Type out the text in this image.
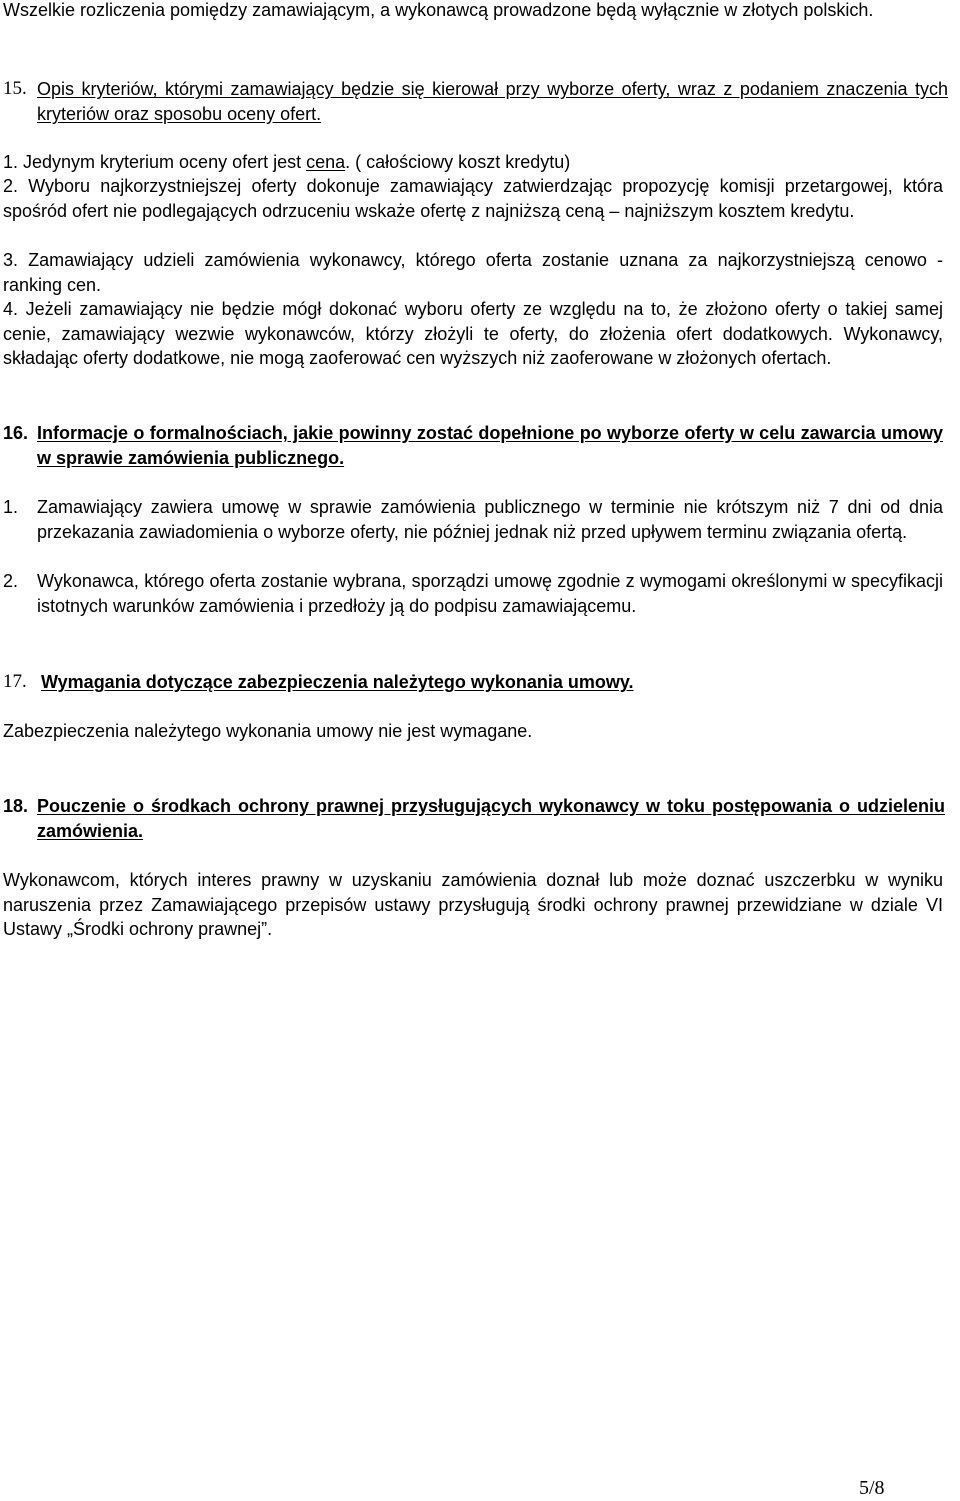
Wszelkie rozliczenia pomiędzy zamawiającym, a wykonawcą prowadzone będą wyłącznie w złotych polskich.
15. Opis kryteriów, którymi zamawiający będzie się kierował przy wyborze oferty, wraz z podaniem znaczenia tych kryteriów oraz sposobu oceny ofert.
1. Jedynym kryterium oceny ofert jest cena. ( całościowy koszt kredytu)
2. Wyboru najkorzystniejszej oferty dokonuje zamawiający zatwierdzając propozycję komisji przetargowej, która spośród ofert nie podlegających odrzuceniu wskaże ofertę z najniższą ceną – najniższym kosztem kredytu.
3. Zamawiający udzieli zamówienia wykonawcy, którego oferta zostanie uznana za najkorzystniejszą cenowo - ranking cen.
4. Jeżeli zamawiający nie będzie mógł dokonać wyboru oferty ze względu na to, że złożono oferty o takiej samej cenie, zamawiający wezwie wykonawców, którzy złożyli te oferty, do złożenia ofert dodatkowych. Wykonawcy, składając oferty dodatkowe, nie mogą zaoferować cen wyższych niż zaoferowane w złożonych ofertach.
16. Informacje o formalnościach, jakie powinny zostać dopełnione po wyborze oferty w celu zawarcia umowy w sprawie zamówienia publicznego.
1. Zamawiający zawiera umowę w sprawie zamówienia publicznego w terminie nie krótszym niż 7 dni od dnia przekazania zawiadomienia o wyborze oferty, nie później jednak niż przed upływem terminu związania ofertą.
2. Wykonawca, którego oferta zostanie wybrana, sporządzi umowę zgodnie z wymogami określonymi w specyfikacji istotnych warunków zamówienia i przedłoży ją do podpisu zamawiającemu.
17. Wymagania dotyczące zabezpieczenia należytego wykonania umowy.
Zabezpieczenia należytego wykonania umowy nie jest wymagane.
18. Pouczenie o środkach ochrony prawnej przysługujących wykonawcy w toku postępowania o udzieleniu zamówienia.
Wykonawcom, których interes prawny w uzyskaniu zamówienia doznał lub może doznać uszczerbku w wyniku naruszenia przez Zamawiającego przepisów ustawy przysługują środki ochrony prawnej przewidziane w dziale VI Ustawy „Środki ochrony prawnej”.
5/8
